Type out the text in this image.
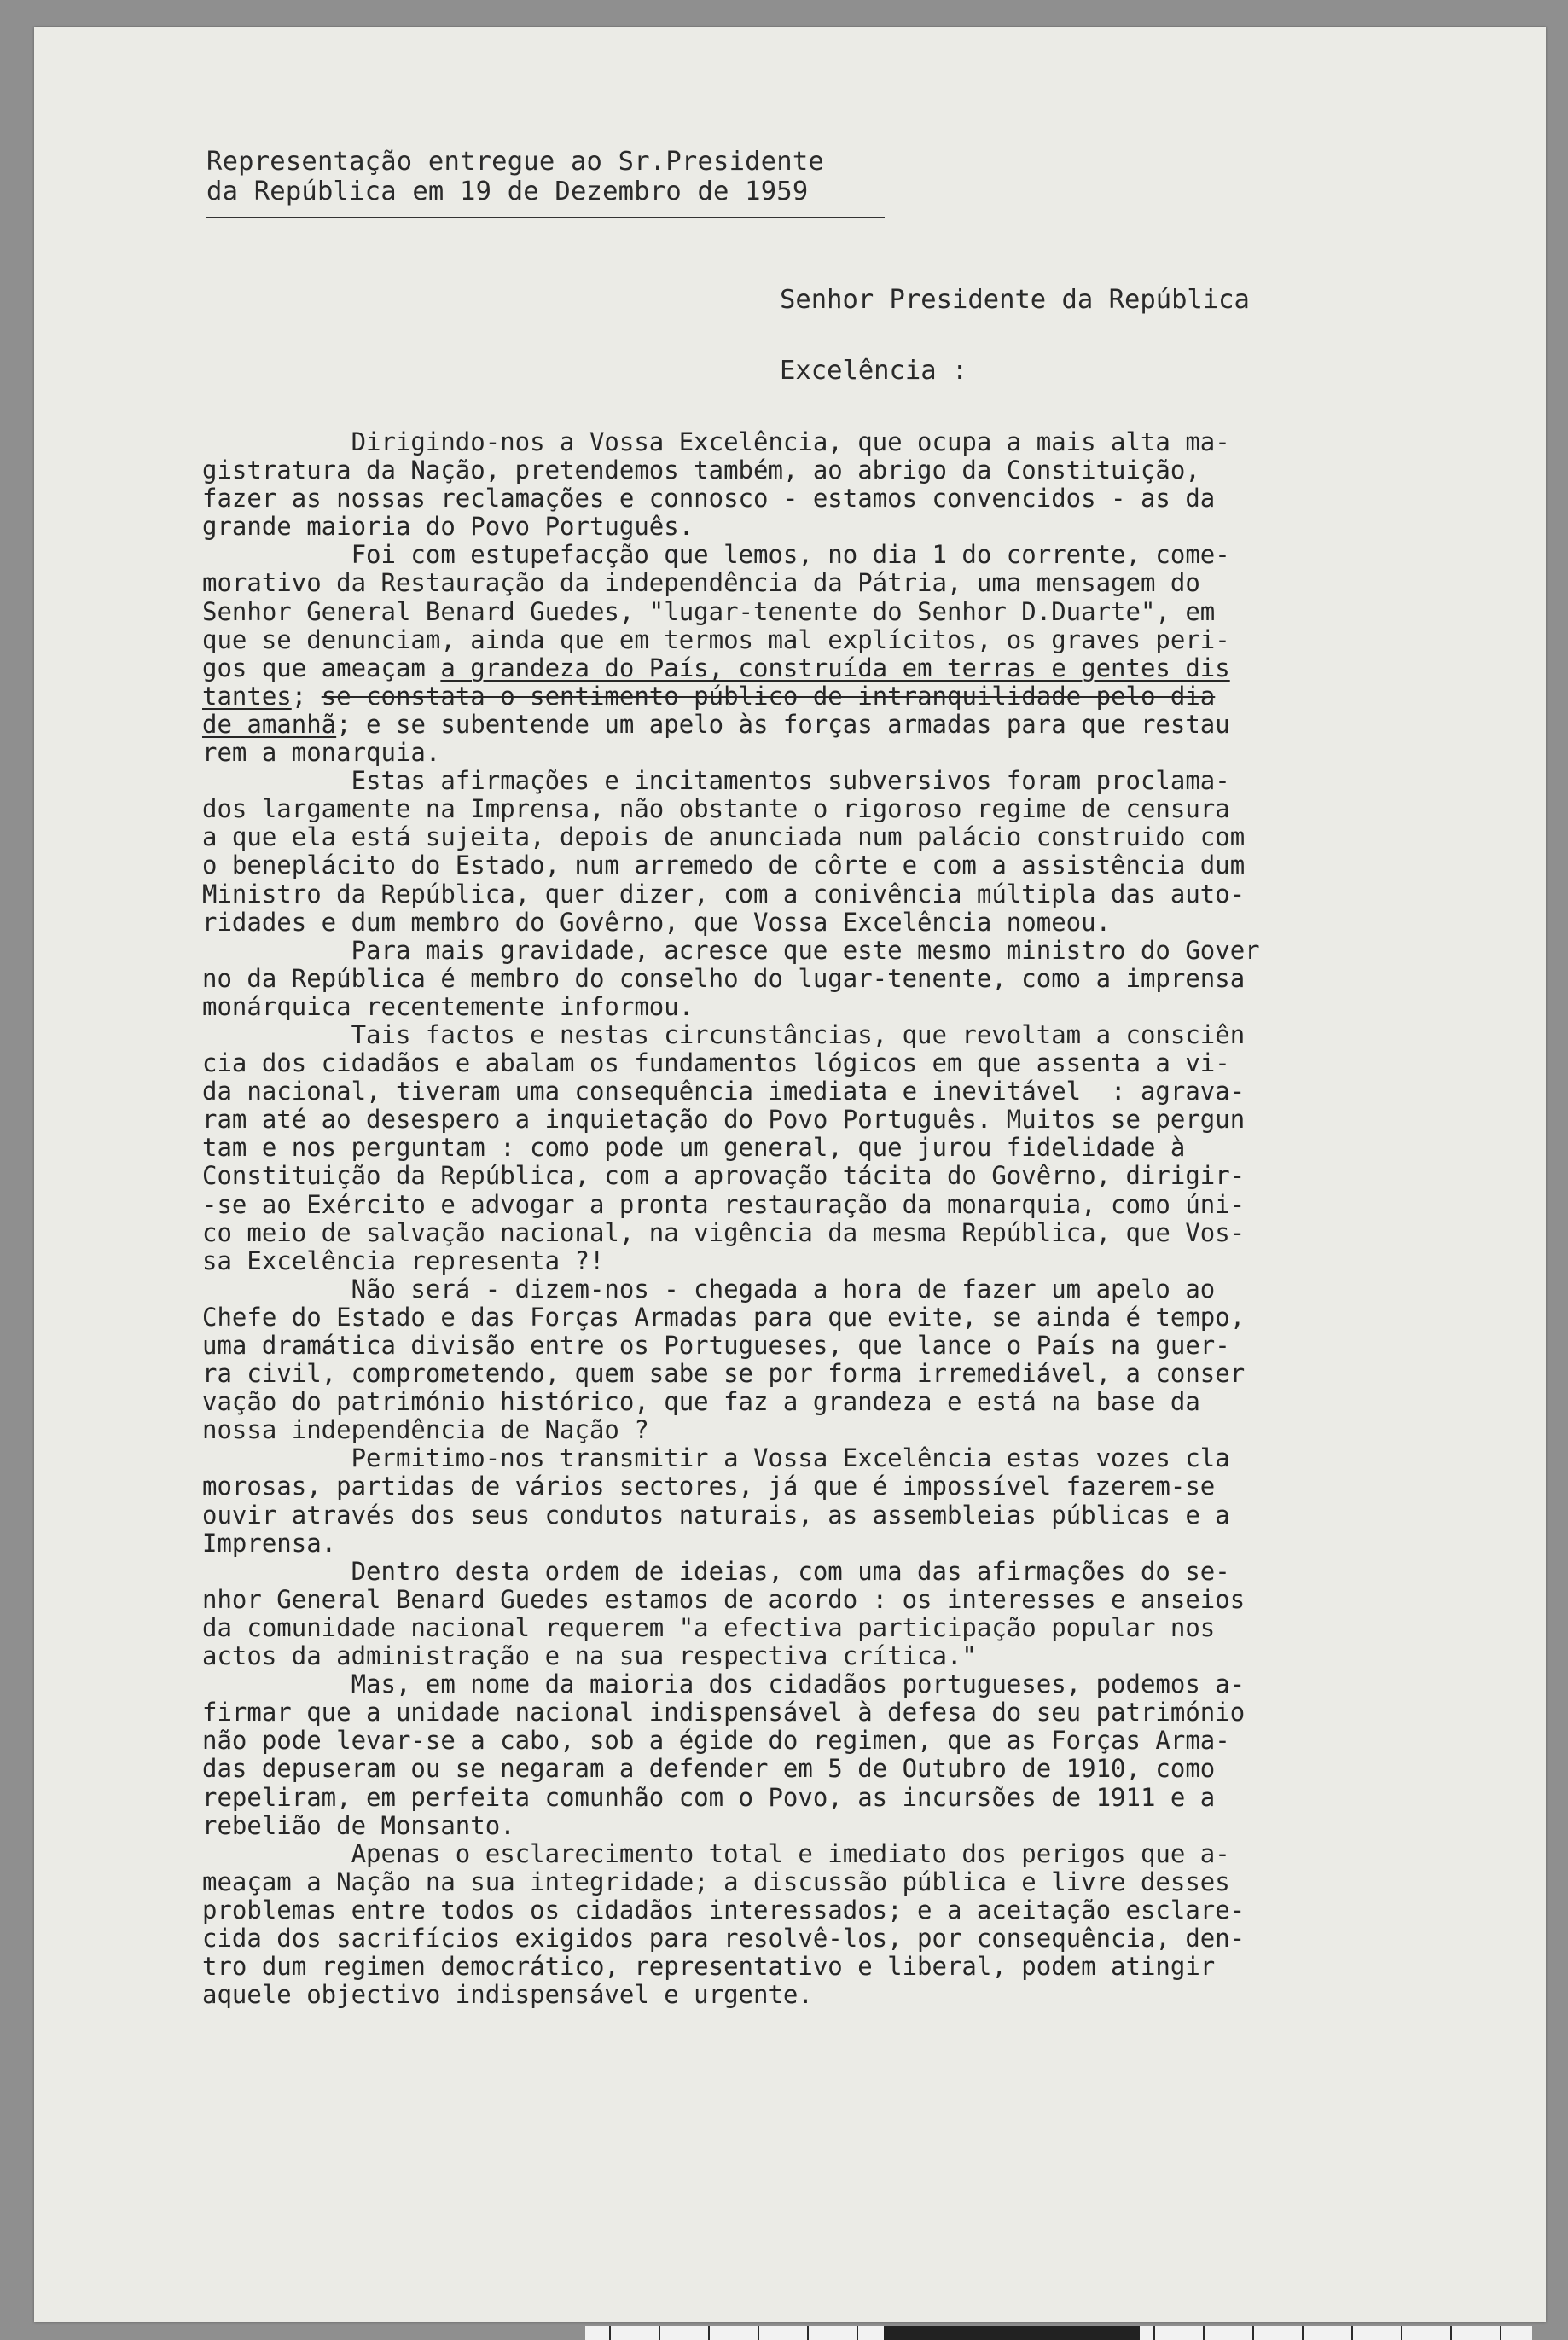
Representação entregue ao Sr.Presidente
da República em 19 de Dezembro de 1959
Senhor Presidente da República
Excelência :
Dirigindo-nos a Vossa Excelência, que ocupa a mais alta ma-
gistratura da Nação, pretendemos também, ao abrigo da Constituição,
fazer as nossas reclamações e connosco - estamos convencidos - as da
grande maioria do Povo Português.
Foi com estupefacção que lemos, no dia 1 do corrente, come-
morativo da Restauração da independência da Pátria, uma mensagem do
Senhor General Benard Guedes, "lugar-tenente do Senhor D.Duarte", em
que se denunciam, ainda que em termos mal explícitos, os graves peri-
gos que ameaçam a grandeza do País, construída em terras e gentes dis
tantes; se constata o sentimento público de intranquilidade pelo dia
de amanhã; e se subentende um apelo às forças armadas para que restau
rem a monarquia.
Estas afirmações e incitamentos subversivos foram proclama-
dos largamente na Imprensa, não obstante o rigoroso regime de censura
a que ela está sujeita, depois de anunciada num palácio construido com
o beneplácito do Estado, num arremedo de côrte e com a assistência dum
Ministro da República, quer dizer, com a conivência múltipla das auto-
ridades e dum membro do Govêrno, que Vossa Excelência nomeou.
Para mais gravidade, acresce que este mesmo ministro do Gover
no da República é membro do conselho do lugar-tenente, como a imprensa
monárquica recentemente informou.
Tais factos e nestas circunstâncias, que revoltam a consciên
cia dos cidadãos e abalam os fundamentos lógicos em que assenta a vi-
da nacional, tiveram uma consequência imediata e inevitável  : agrava-
ram até ao desespero a inquietação do Povo Português. Muitos se pergun
tam e nos perguntam : como pode um general, que jurou fidelidade à
Constituição da República, com a aprovação tácita do Govêrno, dirigir-
-se ao Exército e advogar a pronta restauração da monarquia, como úni-
co meio de salvação nacional, na vigência da mesma República, que Vos-
sa Excelência representa ?!
Não será - dizem-nos - chegada a hora de fazer um apelo ao
Chefe do Estado e das Forças Armadas para que evite, se ainda é tempo,
uma dramática divisão entre os Portugueses, que lance o País na guer-
ra civil, comprometendo, quem sabe se por forma irremediável, a conser
vação do património histórico, que faz a grandeza e está na base da
nossa independência de Nação ?
Permitimo-nos transmitir a Vossa Excelência estas vozes cla
morosas, partidas de vários sectores, já que é impossível fazerem-se
ouvir através dos seus condutos naturais, as assembleias públicas e a
Imprensa.
Dentro desta ordem de ideias, com uma das afirmações do se-
nhor General Benard Guedes estamos de acordo : os interesses e anseios
da comunidade nacional requerem "a efectiva participação popular nos
actos da administração e na sua respectiva crítica."
Mas, em nome da maioria dos cidadãos portugueses, podemos a-
firmar que a unidade nacional indispensável à defesa do seu património
não pode levar-se a cabo, sob a égide do regimen, que as Forças Arma-
das depuseram ou se negaram a defender em 5 de Outubro de 1910, como
repeliram, em perfeita comunhão com o Povo, as incursões de 1911 e a
rebelião de Monsanto.
Apenas o esclarecimento total e imediato dos perigos que a-
meaçam a Nação na sua integridade; a discussão pública e livre desses
problemas entre todos os cidadãos interessados; e a aceitação esclare-
cida dos sacrifícios exigidos para resolvê-los, por consequência, den-
tro dum regimen democrático, representativo e liberal, podem atingir
aquele objectivo indispensável e urgente.
